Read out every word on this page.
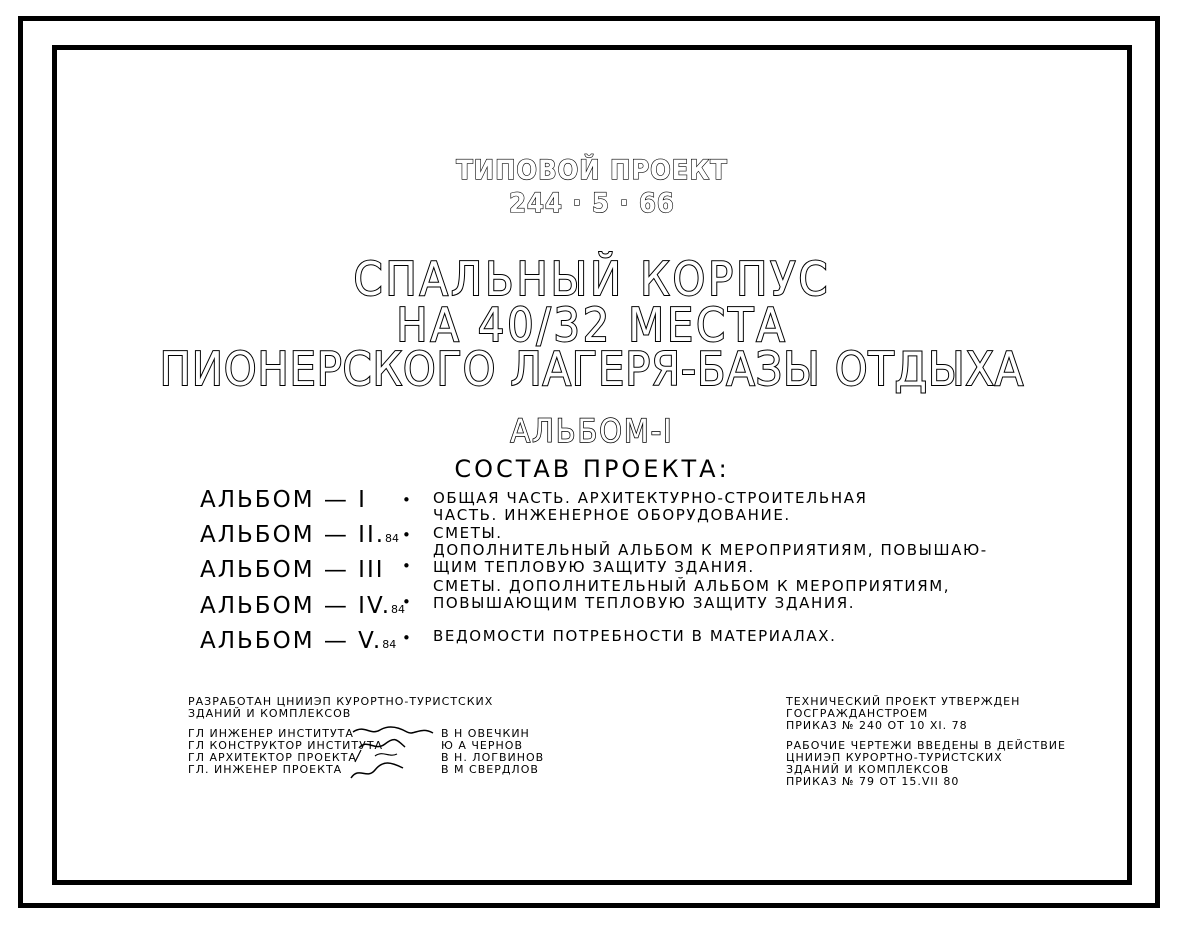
ТИПОВОЙ ПРОЕКТ
244 · 5 · 66
СПАЛЬНЫЙ КОРПУС
НА 40/32 МЕСТА
ПИОНЕРСКОГО ЛАГЕРЯ-БАЗЫ ОТДЫХА
АЛЬБОМ-I
СОСТАВ ПРОЕКТА:
АЛЬБОМ — I • ОБЩАЯ ЧАСТЬ. АРХИТЕКТУРНО-СТРОИТЕЛЬНАЯ
ЧАСТЬ. ИНЖЕНЕРНОЕ ОБОРУДОВАНИЕ.
АЛЬБОМ — II.84 • СМЕТЫ.
АЛЬБОМ — III •
ДОПОЛНИТЕЛЬНЫЙ АЛЬБОМ К МЕРОПРИЯТИЯМ, ПОВЫШАЮ-
ЩИМ ТЕПЛОВУЮ ЗАЩИТУ ЗДАНИЯ.
АЛЬБОМ — IV.84
•
СМЕТЫ. ДОПОЛНИТЕЛЬНЫЙ АЛЬБОМ К МЕРОПРИЯТИЯМ,
ПОВЫШАЮЩИМ ТЕПЛОВУЮ ЗАЩИТУ ЗДАНИЯ.
АЛЬБОМ — V.84 • ВЕДОМОСТИ ПОТРЕБНОСТИ В МАТЕРИАЛАХ.
РАЗРАБОТАН ЦНИИЭП КУРОРТНО-ТУРИСТСКИХ
ЗДАНИЙ И КОМПЛЕКСОВ
ГЛ ИНЖЕНЕР ИНСТИТУТА
ГЛ КОНСТРУКТОР ИНСТИТУТА
ГЛ АРХИТЕКТОР ПРОЕКТА
ГЛ. ИНЖЕНЕР ПРОЕКТА
В Н ОВЕЧКИН
Ю А ЧЕРНОВ
В Н. ЛОГВИНОВ
В М СВЕРДЛОВ
ТЕХНИЧЕСКИЙ ПРОЕКТ УТВЕРЖДЕН
ГОСГРАЖДАНСТРОЕМ
ПРИКАЗ № 240 ОТ 10 XI. 78
РАБОЧИЕ ЧЕРТЕЖИ ВВЕДЕНЫ В ДЕЙСТВИЕ
ЦНИИЭП КУРОРТНО-ТУРИСТСКИХ
ЗДАНИЙ И КОМПЛЕКСОВ
ПРИКАЗ № 79 ОТ 15.VII 80
